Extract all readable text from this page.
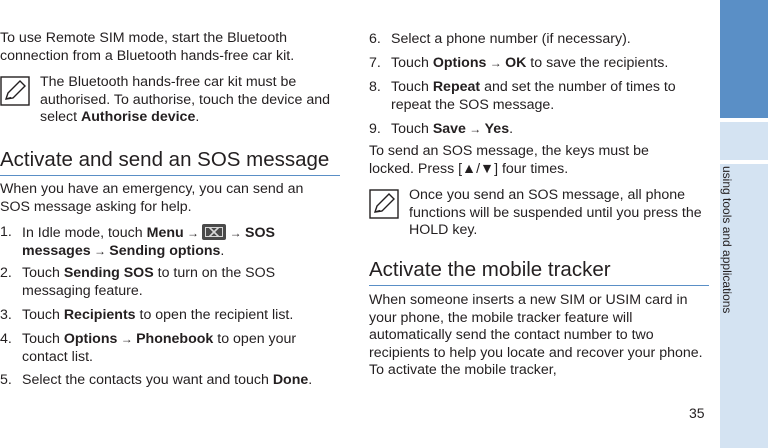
To use Remote SIM mode, start the Bluetooth connection from a Bluetooth hands-free car kit.

The Bluetooth hands-free car kit must be authorised. To authorise, touch the device and select Authorise device.
Activate and send an SOS message

When you have an emergency, you can send an SOS message asking for help.

1. In Idle mode, touch Menu →  → SOS messages → Sending options.
2. Touch Sending SOS to turn on the SOS messaging feature.
3. Touch Recipients to open the recipient list.
4. Touch Options → Phonebook to open your contact list.
5. Select the contacts you want and touch Done.
6. Select a phone number (if necessary).
7. Touch Options → OK to save the recipients.
8. Touch Repeat and set the number of times to repeat the SOS message.
9. Touch Save → Yes.

To send an SOS message, the keys must be locked. Press [▲/▼] four times.

Once you send an SOS message, all phone functions will be suspended until you press the HOLD key.
Activate the mobile tracker

When someone inserts a new SIM or USIM card in your phone, the mobile tracker feature will automatically send the contact number to two recipients to help you locate and recover your phone. To activate the mobile tracker,

using tools and applications
35
